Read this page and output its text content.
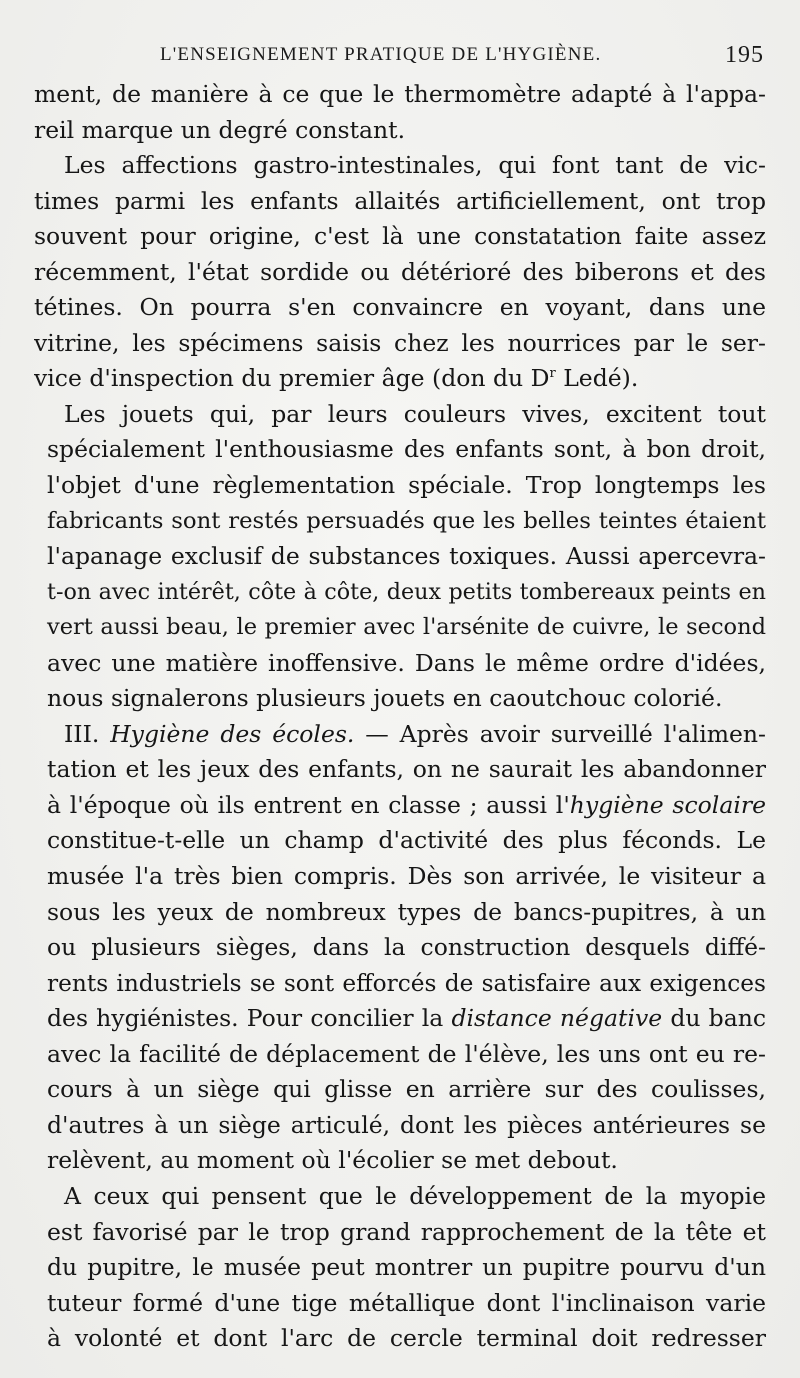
L'ENSEIGNEMENT PRATIQUE DE L'HYGIÈNE.	195
ment, de manière à ce que le thermomètre adapté à l'appa-
reil marque un degré constant.
Les affections gastro-intestinales, qui font tant de vic-
times parmi les enfants allaités artificiellement, ont trop
souvent pour origine, c'est là une constatation faite assez
récemment, l'état sordide ou détérioré des biberons et des
tétines. On pourra s'en convaincre en voyant, dans une
vitrine, les spécimens saisis chez les nourrices par le ser-
vice d'inspection du premier âge (don du $D^r$ Ledé).
Les jouets qui, par leurs couleurs vives, excitent tout
spécialement l'enthousiasme des enfants sont, à bon droit,
l'objet d'une règlementation spéciale. Trop longtemps les
fabricants sont restés persuadés que les belles teintes étaient
l'apanage exclusif de substances toxiques. Aussi apercevra-
t-on avec intérêt, côte à côte, deux petits tombereaux peints en
vert aussi beau, le premier avec l'arsénite de cuivre, le second
avec une matière inoffensive. Dans le même ordre d'idées,
nous signalerons plusieurs jouets en caoutchouc colorié.
III. Hygiène des écoles. — Après avoir surveillé l'alimen-
tation et les jeux des enfants, on ne saurait les abandonner
à l'époque où ils entrent en classe ; aussi l'hygiène scolaire
constitue-t-elle un champ d'activité des plus féconds. Le
musée l'a très bien compris. Dès son arrivée, le visiteur a
sous les yeux de nombreux types de bancs-pupitres, à un
ou plusieurs sièges, dans la construction desquels diffé-
rents industriels se sont efforcés de satisfaire aux exigences
des hygiénistes. Pour concilier la distance négative du banc
avec la facilité de déplacement de l'élève, les uns ont eu re-
cours à un siège qui glisse en arrière sur des coulisses,
d'autres à un siège articulé, dont les pièces antérieures se
relèvent, au moment où l'écolier se met debout.
A ceux qui pensent que le développement de la myopie
est favorisé par le trop grand rapprochement de la tête et
du pupitre, le musée peut montrer un pupitre pourvu d'un
tuteur formé d'une tige métallique dont l'inclinaison varie
à volonté et dont l'arc de cercle terminal doit redresser
